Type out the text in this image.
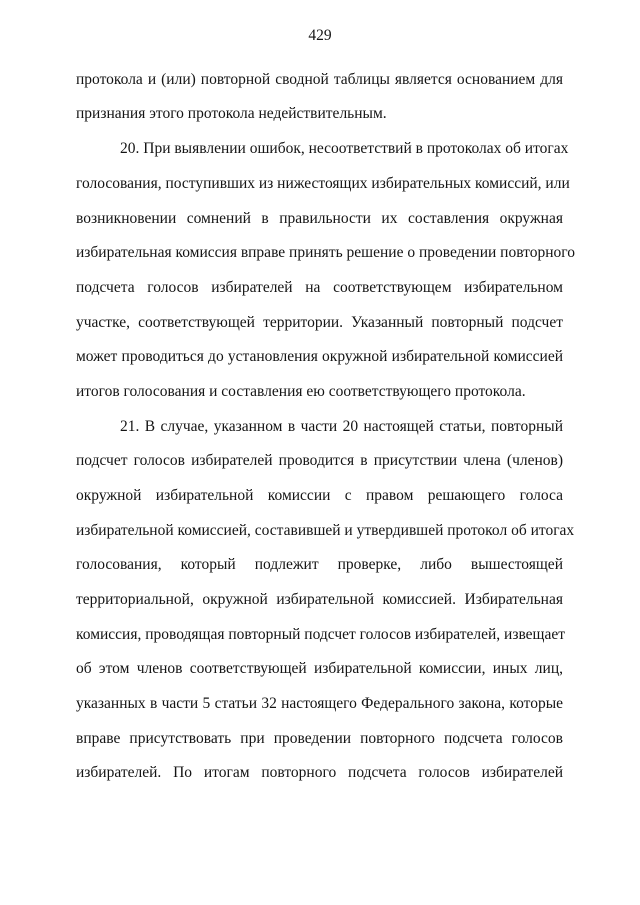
429
протокола и (или) повторной сводной таблицы является основанием для
признания этого протокола недействительным.
20. При выявлении ошибок, несоответствий в протоколах об итогах
голосования, поступивших из нижестоящих избирательных комиссий, или
возникновении сомнений в правильности их составления окружная
избирательная комиссия вправе принять решение о проведении повторного
подсчета голосов избирателей на соответствующем избирательном
участке, соответствующей территории. Указанный повторный подсчет
может проводиться до установления окружной избирательной комиссией
итогов голосования и составления ею соответствующего протокола.
21. В случае, указанном в части 20 настоящей статьи, повторный
подсчет голосов избирателей проводится в присутствии члена (членов)
окружной избирательной комиссии с правом решающего голоса
избирательной комиссией, составившей и утвердившей протокол об итогах
голосования, который подлежит проверке, либо вышестоящей
территориальной, окружной избирательной комиссией. Избирательная
комиссия, проводящая повторный подсчет голосов избирателей, извещает
об этом членов соответствующей избирательной комиссии, иных лиц,
указанных в части 5 статьи 32 настоящего Федерального закона, которые
вправе присутствовать при проведении повторного подсчета голосов
избирателей. По итогам повторного подсчета голосов избирателей
